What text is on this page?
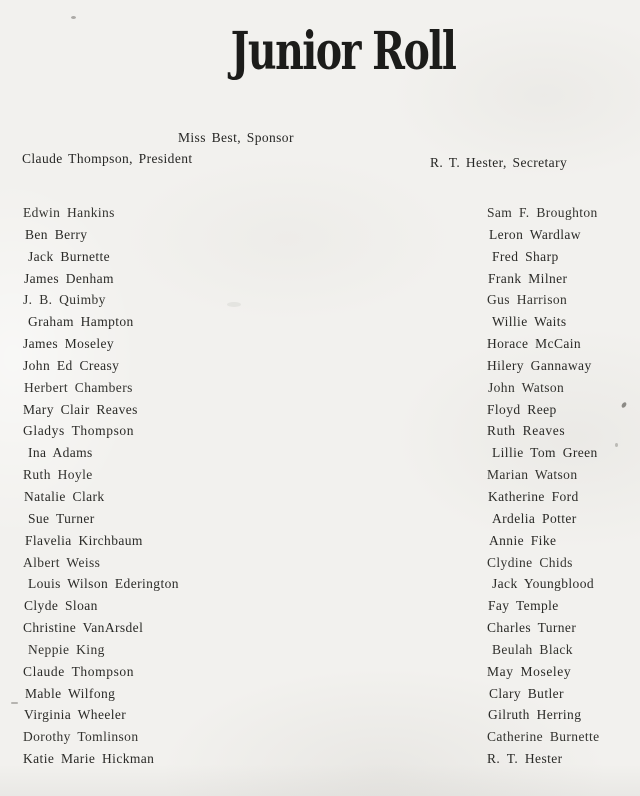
Junior Roll
Miss Best, Sponsor
Claude Thompson, President	R. T. Hester, Secretary
Edwin Hankins
Ben Berry
Jack Burnette
James Denham
J. B. Quimby
Graham Hampton
James Moseley
John Ed Creasy
Herbert Chambers
Mary Clair Reaves
Gladys Thompson
Ina Adams
Ruth Hoyle
Natalie Clark
Sue Turner
Flavelia Kirchbaum
Albert Weiss
Louis Wilson Ederington
Clyde Sloan
Christine VanArsdel
Neppie King
Claude Thompson
Mable Wilfong
Virginia Wheeler
Dorothy Tomlinson
Katie Marie Hickman
Sam F. Broughton
Leron Wardlaw
Fred Sharp
Frank Milner
Gus Harrison
Willie Waits
Horace McCain
Hilery Gannaway
John Watson
Floyd Reep
Ruth Reaves
Lillie Tom Green
Marian Watson
Katherine Ford
Ardelia Potter
Annie Fike
Clydine Chids
Jack Youngblood
Fay Temple
Charles Turner
Beulah Black
May Moseley
Clary Butler
Gilruth Herring
Catherine Burnette
R. T. Hester
